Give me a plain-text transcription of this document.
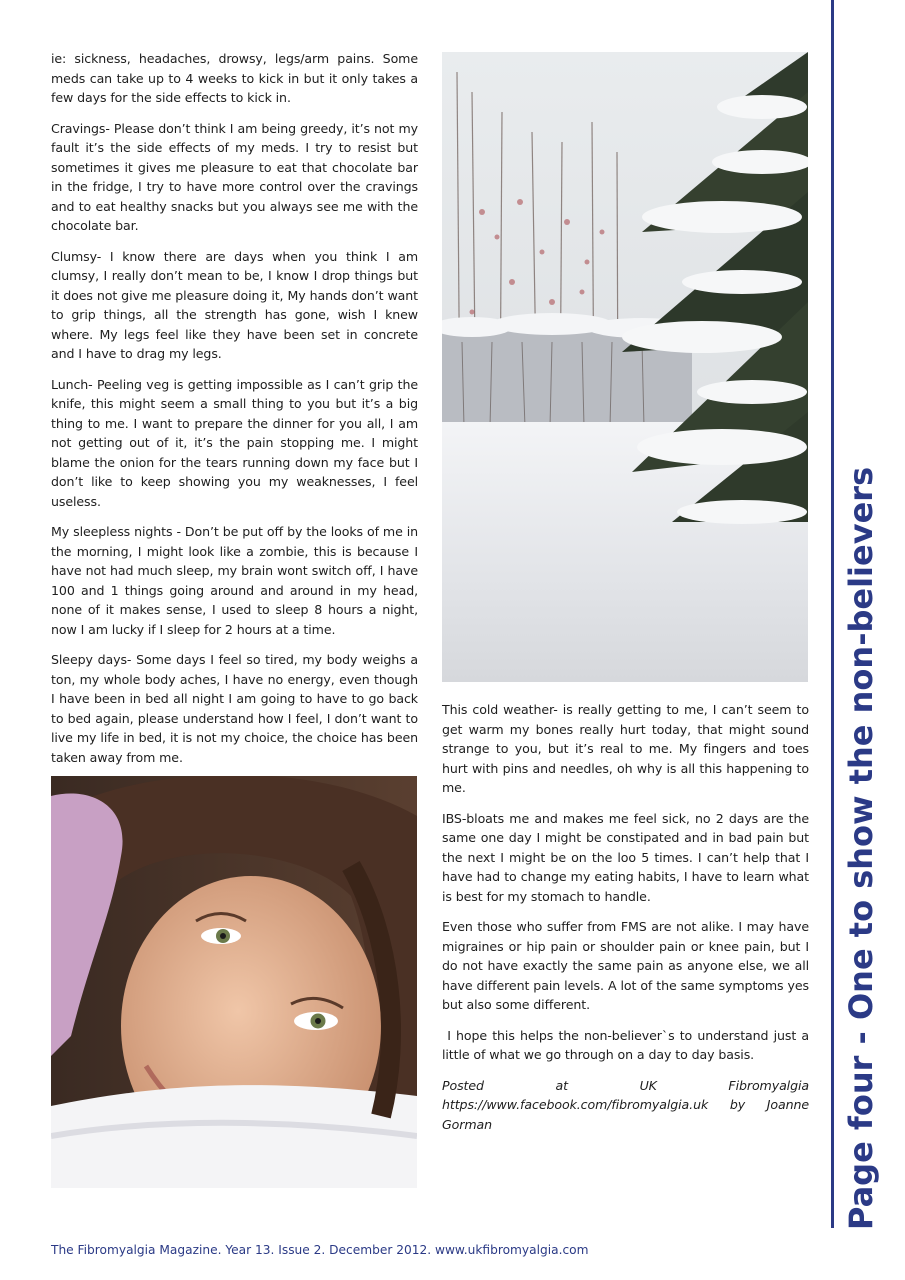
ie: sickness, headaches, drowsy, legs/arm pains. Some meds can take up to 4 weeks to kick in but it only takes a few days for the side effects to kick in.

Cravings- Please don’t think I am being greedy, it’s not my fault it’s the side effects of my meds. I try to resist but sometimes it gives me pleasure to eat that chocolate bar in the fridge, I try to have more control over the cravings and to eat healthy snacks but you always see me with the chocolate bar.

Clumsy- I know there are days when you think I am clumsy, I really don’t mean to be, I know I drop things but it does not give me pleasure doing it, My hands don’t want to grip things, all the strength has gone, wish I knew where. My legs feel like they have been set in concrete and I have to drag my legs.

Lunch- Peeling veg is getting impossible as I can’t grip the knife, this might seem a small thing to you but it’s a big thing to me. I want to prepare the dinner for you all, I am not getting out of it, it’s the pain stopping me. I might blame the onion for the tears running down my face but I don’t like to keep showing you my weaknesses, I feel useless.

My sleepless nights - Don’t be put off by the looks of me in the morning, I might look like a zombie, this is because I have not had much sleep, my brain wont switch off, I have 100 and 1 things going around and around in my head, none of it makes sense, I used to sleep 8 hours a night, now I am lucky if I sleep for 2 hours at a time.

Sleepy days- Some days I feel so tired, my body weighs a ton, my whole body aches, I have no energy, even though I have been in bed all night I am going to have to go back to bed again, please understand how I feel, I don’t want to live my life in bed, it is not my choice, the choice has been taken away from me.

This cold weather- is really getting to me, I can’t seem to get warm my bones really hurt today, that might sound strange to you, but it’s real to me. My fingers and toes hurt with pins and needles, oh why is all this happening to me.

IBS-bloats me and makes me feel sick, no 2 days are the same one day I might be constipated and in bad pain but the next I might be on the loo 5 times. I can’t help that I have had to change my eating habits, I have to learn what is best for my stomach to handle.

Even those who suffer from FMS are not alike. I may have migraines or hip pain or shoulder pain or knee pain, but I do not have exactly the same pain as anyone else, we all have different pain levels. A lot of the same symptoms yes but also some different.

I hope this helps the non-believer`s to understand just a little of what we go through on a day to day basis.

Posted at UK Fibromyalgia https://www.facebook.com/fibromyalgia.uk by Joanne Gorman	Page four - One to show the non-believers
The Fibromyalgia Magazine. Year 13. Issue 2. December 2012. www.ukfibromyalgia.com
